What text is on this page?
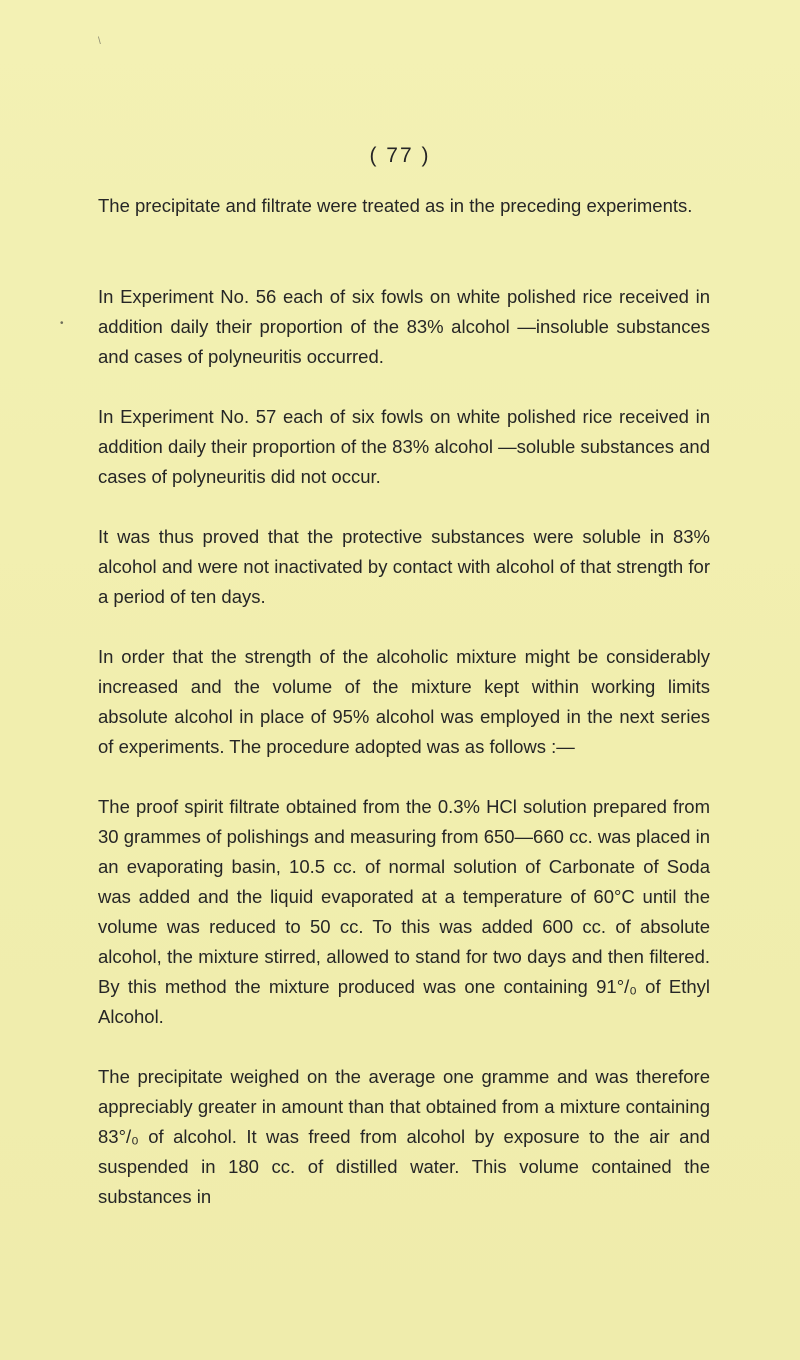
\
•

( 77 )

The precipitate and filtrate were treated as in the preceding experiments.

In Experiment No. 56 each of six fowls on white polished rice received in addition daily their proportion of the 83% alcohol —insoluble substances and cases of polyneuritis occurred.

In Experiment No. 57 each of six fowls on white polished rice received in addition daily their proportion of the 83% alcohol —soluble substances and cases of polyneuritis did not occur.

It was thus proved that the protective substances were soluble in 83% alcohol and were not inactivated by contact with alcohol of that strength for a period of ten days.

In order that the strength of the alcoholic mixture might be considerably increased and the volume of the mixture kept within working limits absolute alcohol in place of 95% alcohol was employed in the next series of experiments. The procedure adopted was as follows :—

The proof spirit filtrate obtained from the 0.3% HCl solution prepared from 30 grammes of polishings and measuring from 650—660 cc. was placed in an evaporating basin, 10.5 cc. of normal solution of Carbonate of Soda was added and the liquid evaporated at a temperature of 60°C until the volume was reduced to 50 cc. To this was added 600 cc. of absolute alcohol, the mixture stirred, allowed to stand for two days and then filtered. By this method the mixture produced was one containing 91°/₀ of Ethyl Alcohol.

The precipitate weighed on the average one gramme and was therefore appreciably greater in amount than that obtained from a mixture containing 83°/₀ of alcohol. It was freed from alcohol by exposure to the air and suspended in 180 cc. of distilled water. This volume contained the substances in
